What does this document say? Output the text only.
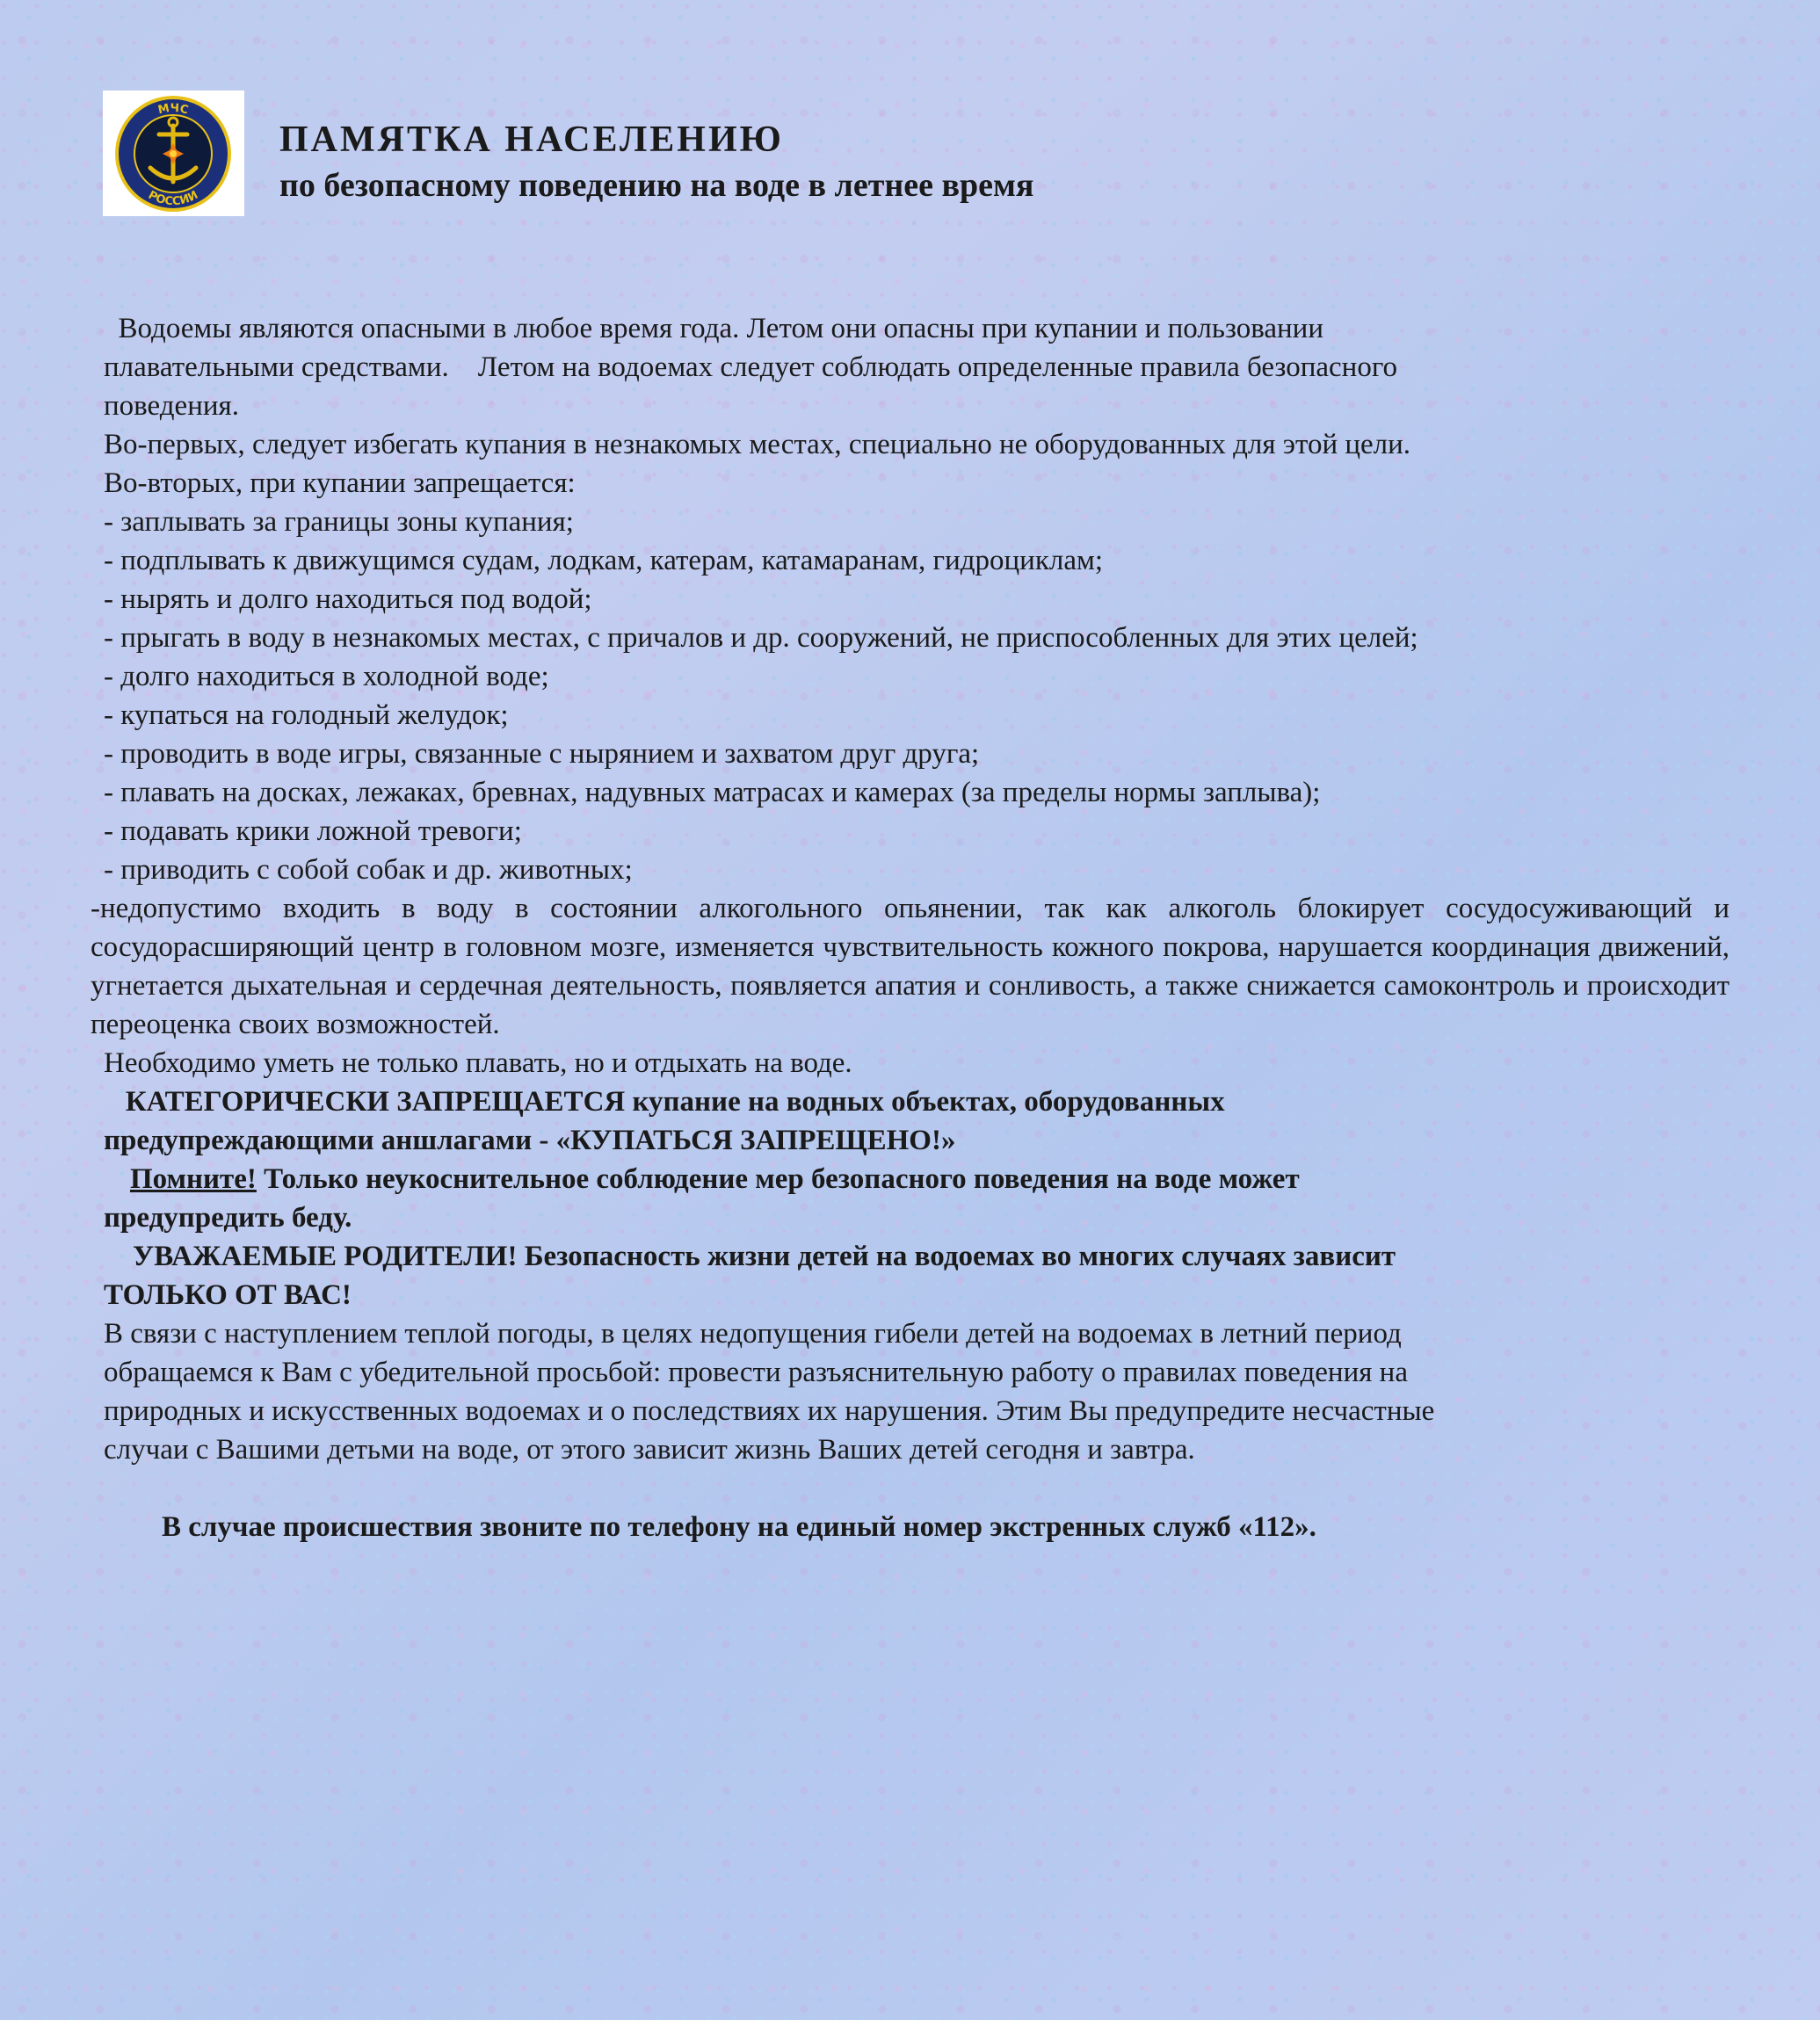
МЧС
РОССИИ
ПАМЯТКА НАСЕЛЕНИЮ
по безопасному поведению на воде в летнее время
Водоемы являются опасными в любое время года. Летом они опасны при купании и пользовании
плавательными средствами.    Летом на водоемах следует соблюдать определенные правила безопасного
поведения.
Во-первых, следует избегать купания в незнакомых местах, специально не оборудованных для этой цели.
Во-вторых, при купании запрещается:
- заплывать за границы зоны купания;
- подплывать к движущимся судам, лодкам, катерам, катамаранам, гидроциклам;
- нырять и долго находиться под водой;
- прыгать в воду в незнакомых местах, с причалов и др. сооружений, не приспособленных для этих целей;
- долго находиться в холодной воде;
- купаться на голодный желудок;
- проводить в воде игры, связанные с нырянием и захватом друг друга;
- плавать на досках, лежаках, бревнах, надувных матрасах и камерах (за пределы нормы заплыва);
- подавать крики ложной тревоги;
- приводить с собой собак и др. животных;
-недопустимо входить в воду в состоянии алкогольного опьянении, так как алкоголь блокирует сосудосуживающий и сосудорасширяющий центр в головном мозге, изменяется чувствительность кожного покрова, нарушается координация движений, угнетается дыхательная и сердечная деятельность, появляется апатия и сонливость, а также снижается самоконтроль и происходит переоценка своих возможностей.
Необходимо уметь не только плавать, но и отдыхать на воде.
КАТЕГОРИЧЕСКИ ЗАПРЕЩАЕТСЯ купание на водных объектах, оборудованных
предупреждающими аншлагами - «КУПАТЬСЯ ЗАПРЕЩЕНО!»
Помните! Только неукоснительное соблюдение мер безопасного поведения на воде может
предупредить беду.
УВАЖАЕМЫЕ РОДИТЕЛИ! Безопасность жизни детей на водоемах во многих случаях зависит
ТОЛЬКО ОТ ВАС!
В связи с наступлением теплой погоды, в целях недопущения гибели детей на водоемах в летний период
обращаемся к Вам с убедительной просьбой: провести разъяснительную работу о правилах поведения на
природных и искусственных водоемах и о последствиях их нарушения. Этим Вы предупредите несчастные
случаи с Вашими детьми на воде, от этого зависит жизнь Ваших детей сегодня и завтра.
В случае происшествия звоните по телефону на единый номер экстренных служб «112».
